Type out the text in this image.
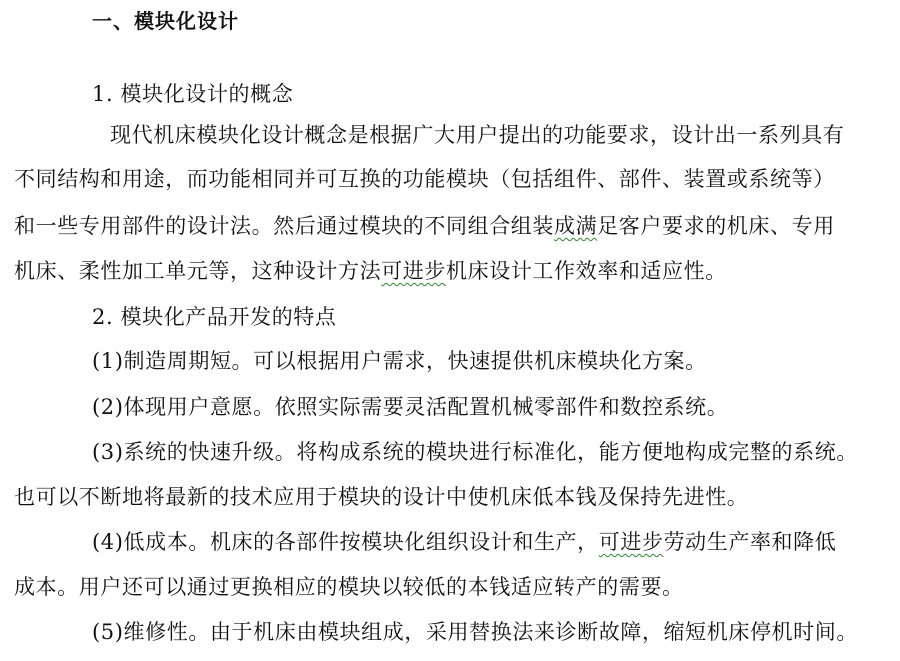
一、模块化设计
1. 模块化设计的概念
现代机床模块化设计概念是根据广大用户提出的功能要求，设计出一系列具有
不同结构和用途，而功能相同并可互换的功能模块（包括组件、部件、装置或系统等）
和一些专用部件的设计法。然后通过模块的不同组合组装成满足客户要求的机床、专用
机床、柔性加工单元等，这种设计方法可进步机床设计工作效率和适应性。
2. 模块化产品开发的特点
(1)制造周期短。可以根据用户需求，快速提供机床模块化方案。
(2)体现用户意愿。依照实际需要灵活配置机械零部件和数控系统。
(3)系统的快速升级。将构成系统的模块进行标准化，能方便地构成完整的系统。
也可以不断地将最新的技术应用于模块的设计中使机床低本钱及保持先进性。
(4)低成本。机床的各部件按模块化组织设计和生产，可进步劳动生产率和降低
成本。用户还可以通过更换相应的模块以较低的本钱适应转产的需要。
(5)维修性。由于机床由模块组成，采用替换法来诊断故障，缩短机床停机时间。
